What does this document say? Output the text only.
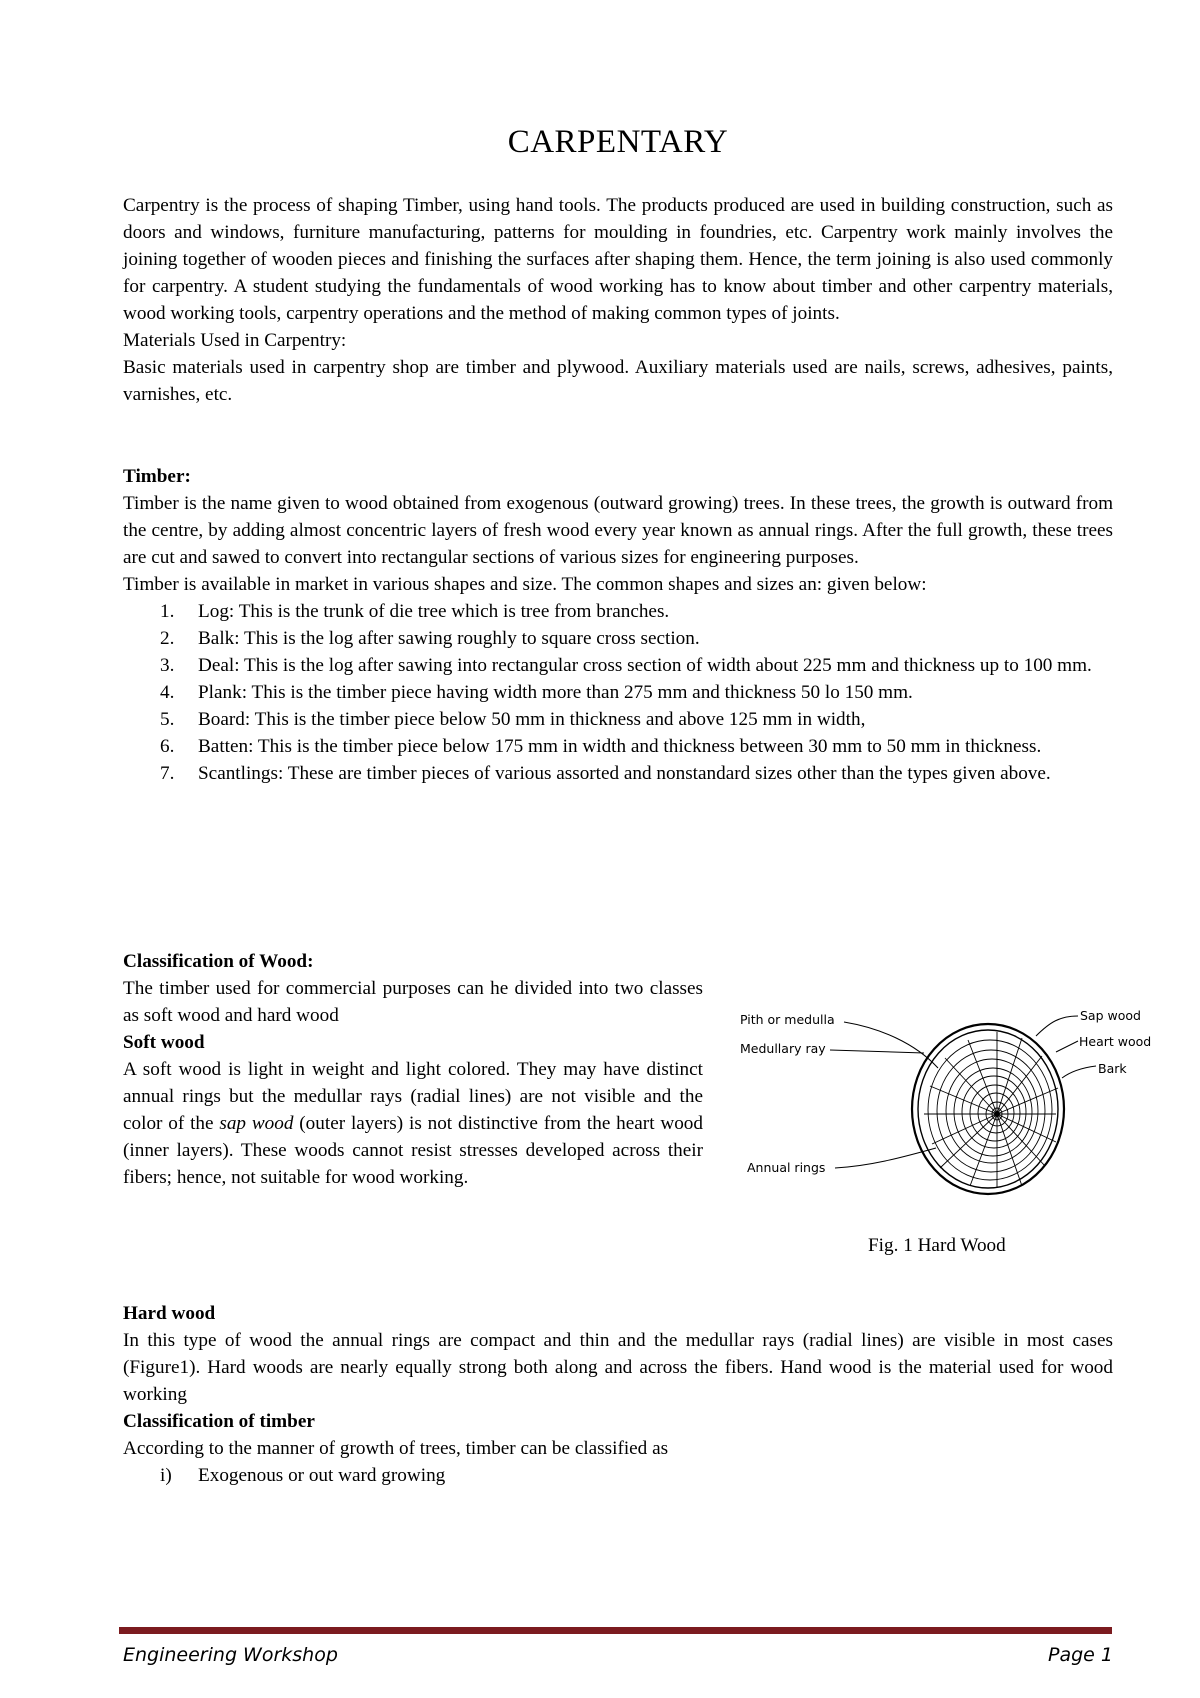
CARPENTARY
Carpentry is the process of shaping Timber, using hand tools. The products produced are used in building construction, such as doors and windows, furniture manufacturing, patterns for moulding in foundries, etc. Carpentry work mainly involves the joining together of wooden pieces and finishing the surfaces after shaping them. Hence, the term joining is also used commonly for carpentry. A student studying the fundamentals of wood working has to know about timber and other carpentry materials, wood working tools, carpentry operations and the method of making common types of joints.
Materials Used in Carpentry:
Basic materials used in carpentry shop are timber and plywood. Auxiliary materials used are nails, screws, adhesives, paints, varnishes, etc.
Timber:
Timber is the name given to wood obtained from exogenous (outward growing) trees. In these trees, the growth is outward from the centre, by adding almost concentric layers of fresh wood every year known as annual rings. After the full growth, these trees are cut and sawed to convert into rectangular sections of various sizes for engineering purposes.
Timber is available in market in various shapes and size. The common shapes and sizes an: given below:
1. Log: This is the trunk of die tree which is tree from branches.
2. Balk: This is the log after sawing roughly to square cross section.
3. Deal: This is the log after sawing into rectangular cross section of width about 225 mm and thickness up to 100 mm.
4. Plank: This is the timber piece having width more than 275 mm and thickness 50 lo 150 mm.
5. Board: This is the timber piece below 50 mm in thickness and above 125 mm in width,
6. Batten: This is the timber piece below 175 mm in width and thickness between 30 mm to 50 mm in thickness.
7. Scantlings: These are timber pieces of various assorted and nonstandard sizes other than the types given above.
Classification of Wood:
The timber used for commercial purposes can he divided into two classes as soft wood and hard wood
Soft wood
A soft wood is light in weight and light colored. They may have distinct annual rings but the medullar rays (radial lines) are not visible and the color of the sap wood (outer layers) is not distinctive from the heart wood (inner layers). These woods cannot resist stresses developed across their fibers; hence, not suitable for wood working.
Pith or medulla
Medullary ray
Annual rings
Sap wood
Heart wood
Bark
Fig. 1 Hard Wood
Hard wood
In this type of wood the annual rings are compact and thin and the medullar rays (radial lines) are visible in most cases (Figure1). Hard woods are nearly equally strong both along and across the fibers. Hand wood is the material used for wood working
Classification of timber
According to the manner of growth of trees, timber can be classified as
i) Exogenous or out ward growing
Engineering Workshop	Page 1
